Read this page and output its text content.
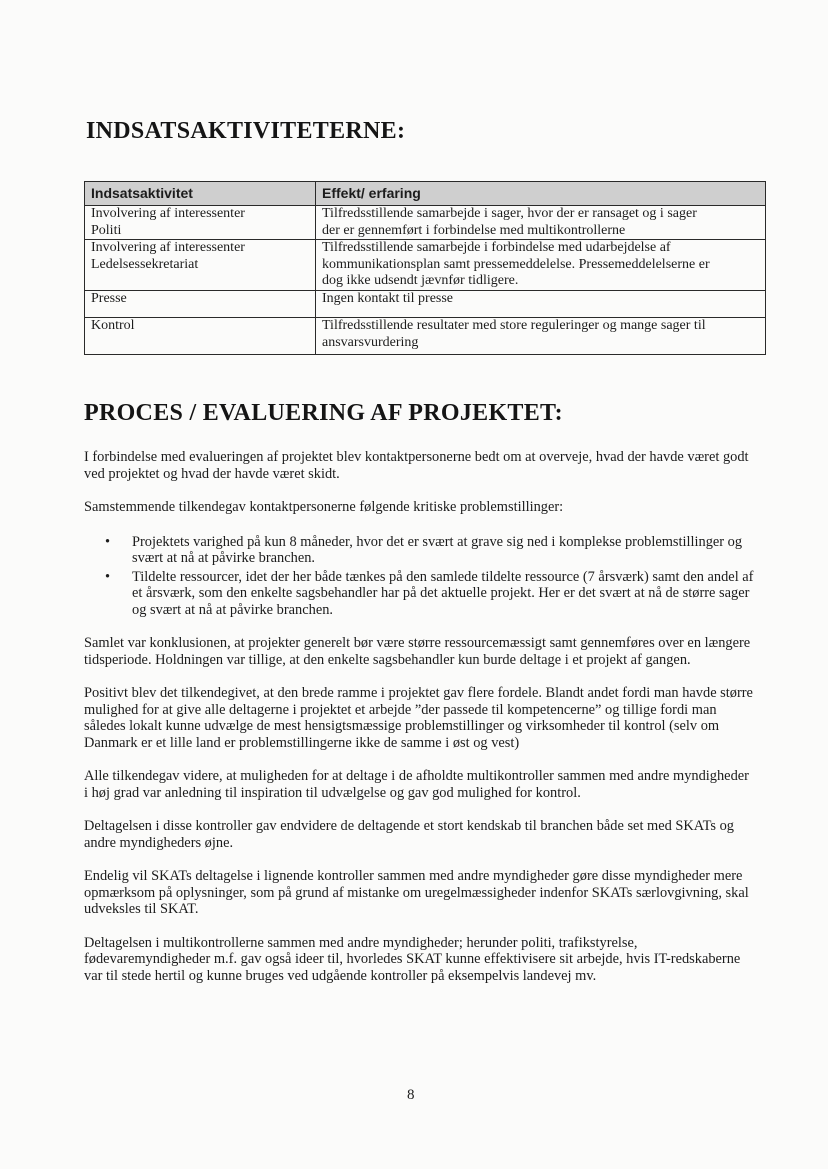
INDSATSAKTIVITETERNE:
Indsatsaktivitet	Effekt/ erfaring

Involvering af interessenter
Politi	Tilfredsstillende samarbejde i sager, hvor der er ransaget og i sager
der er gennemført i forbindelse med multikontrollerne

Involvering af interessenter
Ledelsessekretariat	Tilfredsstillende samarbejde i forbindelse med udarbejdelse af
kommunikationsplan samt pressemeddelelse. Pressemeddelelserne er
dog ikke udsendt jævnfør tidligere.

Presse	Ingen kontakt til presse

Kontrol	Tilfredsstillende resultater med store reguleringer og mange sager til
ansvarsvurdering
PROCES / EVALUERING AF PROJEKTET:

I forbindelse med evalueringen af projektet blev kontaktpersonerne bedt om at overveje, hvad der havde været godt ved projektet og hvad der havde været skidt.

Samstemmende tilkendegav kontaktpersonerne følgende kritiske problemstillinger:

• Projektets varighed på kun 8 måneder, hvor det er svært at grave sig ned i komplekse problemstillinger og svært at nå at påvirke branchen.
• Tildelte ressourcer, idet der her både tænkes på den samlede tildelte ressource (7 årsværk) samt den andel af et årsværk, som den enkelte sagsbehandler har på det aktuelle projekt. Her er det svært at nå de større sager og svært at nå at påvirke branchen.

Samlet var konklusionen, at projekter generelt bør være større ressourcemæssigt samt gennemføres over en længere tidsperiode. Holdningen var tillige, at den enkelte sagsbehandler kun burde deltage i et projekt af gangen.

Positivt blev det tilkendegivet, at den brede ramme i projektet gav flere fordele. Blandt andet fordi man havde større mulighed for at give alle deltagerne i projektet et arbejde ”der passede til kompetencerne” og tillige fordi man således lokalt kunne udvælge de mest hensigtsmæssige problemstillinger og virksomheder til kontrol (selv om Danmark er et lille land er problemstillingerne ikke de samme i øst og vest)

Alle tilkendegav videre, at muligheden for at deltage i de afholdte multikontroller sammen med andre myndigheder i høj grad var anledning til inspiration til udvælgelse og gav god mulighed for kontrol.

Deltagelsen i disse kontroller gav endvidere de deltagende et stort kendskab til branchen både set med SKATs og andre myndigheders øjne.

Endelig vil SKATs deltagelse i lignende kontroller sammen med andre myndigheder gøre disse myndigheder mere opmærksom på oplysninger, som på grund af mistanke om uregelmæssigheder indenfor SKATs særlovgivning, skal udveksles til SKAT.

Deltagelsen i multikontrollerne sammen med andre myndigheder; herunder politi, trafikstyrelse, fødevaremyndigheder m.f. gav også ideer til, hvorledes SKAT kunne effektivisere sit arbejde, hvis IT-redskaberne var til stede hertil og kunne bruges ved udgående kontroller på eksempelvis landevej mv.

8
